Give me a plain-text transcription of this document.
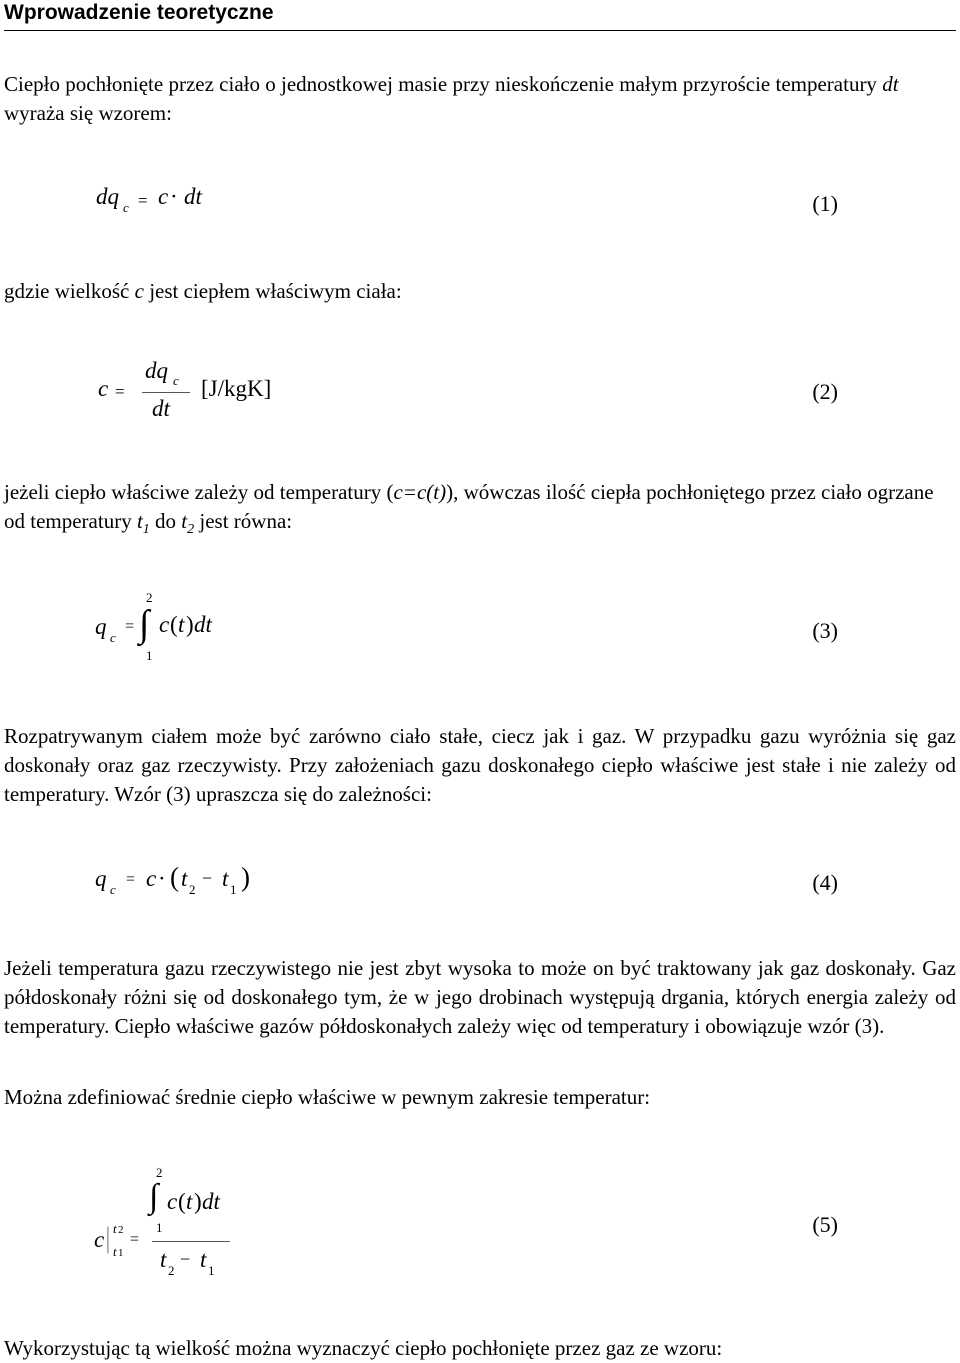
Wprowadzenie teoretyczne

Ciepło pochłonięte przez ciało o jednostkowej masie przy nieskończenie małym przyroście temperatury dt wyraża się wzorem:

dq c = c · dt	(1)

gdzie wielkość c jest ciepłem właściwym ciała:

c =
dq c
dt
[J/kgK]	(2)

jeżeli ciepło właściwe zależy od temperatury (c=c(t)), wówczas ilość ciepła pochłoniętego przez ciało ogrzane od temperatury $t_1$ do $t_2$ jest równa:

q c
=
2
∫
1
c ( t ) dt	(3)

Rozpatrywanym ciałem może być zarówno ciało stałe, ciecz jak i gaz. W przypadku gazu wyróżnia się gaz doskonały oraz gaz rzeczywisty. Przy założeniach gazu doskonałego ciepło właściwe jest stałe i nie zależy od temperatury. Wzór (3) upraszcza się do zależności:

q c
= c · ( t 2
− t 1 )	(4)

Jeżeli temperatura gazu rzeczywistego nie jest zbyt wysoka to może on być traktowany jak gaz doskonały. Gaz półdoskonały różni się od doskonałego tym, że w jego drobinach występują drgania, których energia zależy od temperatury. Ciepło właściwe gazów półdoskonałych zależy więc od temperatury i obowiązuje wzór (3).

Można zdefiniować średnie ciepło właściwe w pewnym zakresie temperatur:

c | t 2
t 1
=
2
∫
1
c ( t ) dt
t 2
− t 1
(5)

Wykorzystując tą wielkość można wyznaczyć ciepło pochłonięte przez gaz ze wzoru:
